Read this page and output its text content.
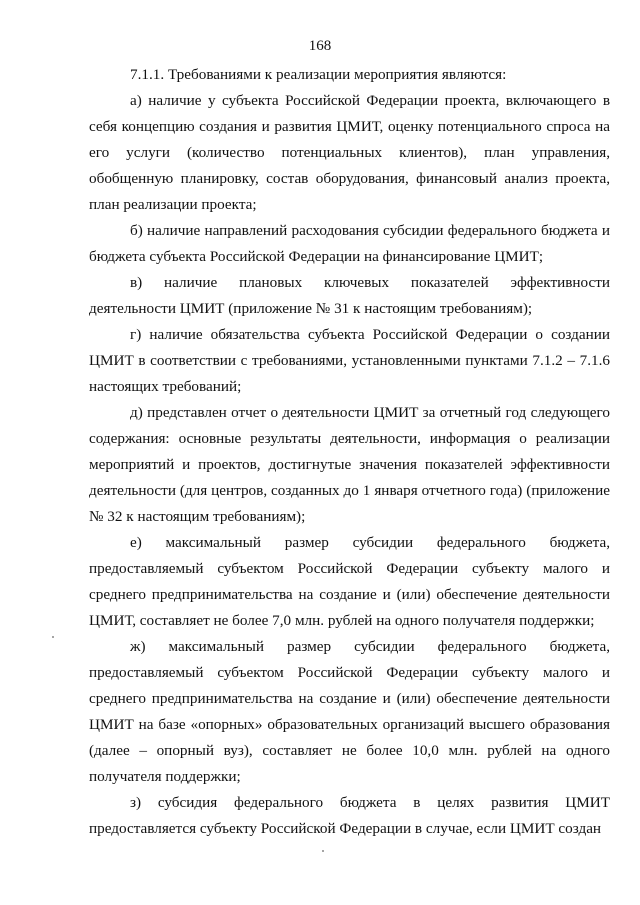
168

7.1.1. Требованиями к реализации мероприятия являются:

а) наличие у субъекта Российской Федерации проекта, включающего в себя концепцию создания и развития ЦМИТ, оценку потенциального спроса на его услуги (количество потенциальных клиентов), план управления, обобщенную планировку, состав оборудования, финансовый анализ проекта, план реализации проекта;

б) наличие направлений расходования субсидии федерального бюджета и бюджета субъекта Российской Федерации на финансирование ЦМИТ;

в) наличие плановых ключевых показателей эффективности деятельности ЦМИТ (приложение № 31 к настоящим требованиям);

г) наличие обязательства субъекта Российской Федерации о создании ЦМИТ в соответствии с требованиями, установленными пунктами 7.1.2 – 7.1.6 настоящих требований;

д) представлен отчет о деятельности ЦМИТ за отчетный год следующего содержания: основные результаты деятельности, информация о реализации мероприятий и проектов, достигнутые значения показателей эффективности деятельности (для центров, созданных до 1 января отчетного года) (приложение № 32 к настоящим требованиям);

е) максимальный размер субсидии федерального бюджета, предоставляемый субъектом Российской Федерации субъекту малого и среднего предпринимательства на создание и (или) обеспечение деятельности ЦМИТ, составляет не более 7,0 млн. рублей на одного получателя поддержки;

ж) максимальный размер субсидии федерального бюджета, предоставляемый субъектом Российской Федерации субъекту малого и среднего предпринимательства на создание и (или) обеспечение деятельности ЦМИТ на базе «опорных» образовательных организаций высшего образования (далее – опорный вуз), составляет не более 10,0 млн. рублей на одного получателя поддержки;

з) субсидия федерального бюджета в целях развития ЦМИТ предоставляется субъекту Российской Федерации в случае, если ЦМИТ создан
